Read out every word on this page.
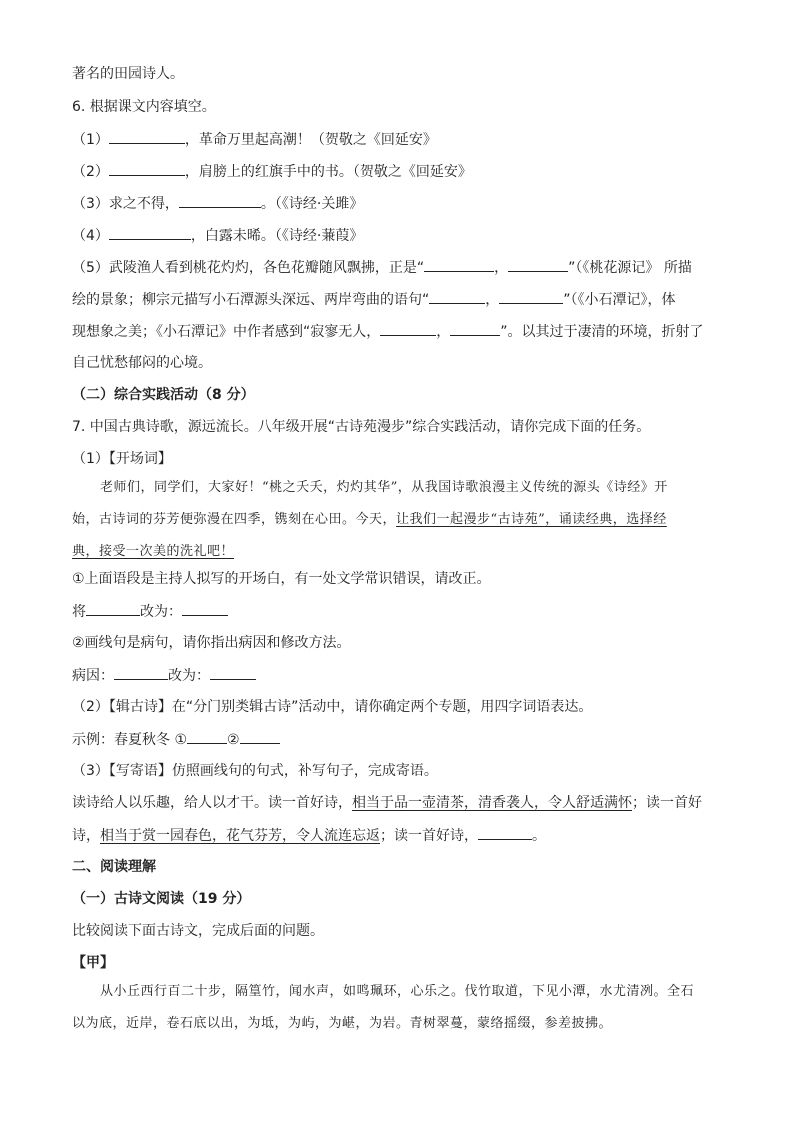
著名的田园诗人。
6. 根据课文内容填空。
（1）	，革命万里起高潮！（贺敬之《回延安》
（2）	，肩膀上的红旗手中的书。（贺敬之《回延安》
（3）求之不得，	。（《诗经·关雎》
（4）	，白露未晞。（《诗经·蒹葭》
（5）武陵渔人看到桃花灼灼，各色花瓣随风飘拂，正是“	，	”（《桃花源记》 所描
绘的景象；柳宗元描写小石潭源头深远、两岸弯曲的语句“	，	”（《小石潭记》，体
现想象之美；《小石潭记》中作者感到“寂寥无人，	，	”。以其过于凄清的环境，折射了
自己忧愁郁闷的心境。
（二）综合实践活动（8 分）
7. 中国古典诗歌，源远流长。八年级开展“古诗苑漫步”综合实践活动，请你完成下面的任务。
（1）【开场词】
老师们，同学们，大家好！“桃之夭夭，灼灼其华”，从我国诗歌浪漫主义传统的源头《诗经》开
始，古诗词的芬芳便弥漫在四季，镌刻在心田。今天，让我们一起漫步“古诗苑”，诵读经典，选择经
典，接受一次美的洗礼吧！
①上面语段是主持人拟写的开场白，有一处文学常识错误，请改正。
将	改为：
②画线句是病句，请你指出病因和修改方法。
病因：	改为：
（2）【辑古诗】在“分门别类辑古诗”活动中，请你确定两个专题，用四字词语表达。
示例：春夏秋冬 ①	②
（3）【写寄语】仿照画线句的句式，补写句子，完成寄语。
读诗给人以乐趣，给人以才干。读一首好诗，相当于品一壶清茶，清香袭人，令人舒适满怀；读一首好
诗，相当于赏一园春色，花气芬芳，令人流连忘返；读一首好诗，	。
二、阅读理解
（一）古诗文阅读（19 分）
比较阅读下面古诗文，完成后面的问题。
【甲】
从小丘西行百二十步，隔篁竹，闻水声，如鸣珮环，心乐之。伐竹取道，下见小潭，水尤清冽。全石
以为底，近岸，卷石底以出，为坻，为屿，为嵁，为岩。青树翠蔓，蒙络摇缀，参差披拂。
